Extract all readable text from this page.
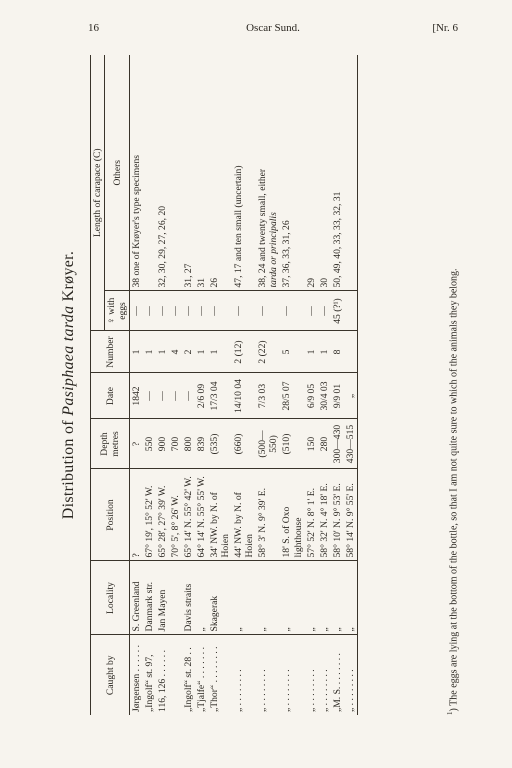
16	Oscar Sund.	[Nr. 6
Distribution of Pasiphaea tarda Krøyer.
Caught by	Locality	Position	Depth metres	Date	Number	Length of carapace (C)	
						♀ with eggs	Others
Jørgensen . . . . . .	S. Greenland	?	?	1842	1	—	38 one of Krøyer's type specimens
„Ingolf“ st. 97,	Danmark str.	67° 19', 15° 52' W.	550	—	1	—	
116, 126 . . . . . .	Jan Mayen	65° 28', 27° 39' W.	900	—	1	—	32, 30, 29, 27, 26, 20
		70° 5', 8° 26' W.	700	—	4	—	
„Ingolf“ st. 28 . .	Davis straits	65° 14' N. 55° 42' W.	800	—	2	—	31, 27
„Tjalfe“ . . . . . . .	„	64° 14' N. 55° 55' W.	839	2/6 09	1	—	31
„Thor“ . . . . . . . .	Skagerak	34' NW. by N. of Hoien	(535)	17/3 04	1	—	26
„ . . . . . . . .	„	44' NW. by N. of Hoien	(660)	14/10 04	2 (12)	—	47, 17 and ten small (uncertain)
„ . . . . . . . .	„	58° 3' N. 9° 39' E.	(500—550)	7/3 03	2 (22)	—	38, 24 and twenty small, either
tarda or principalis
„ . . . . . . . .	„	18' S. of Oxo lighthouse	(510)	28/5 07	5	—	37, 36, 33, 31, 26
„ . . . . . . . .	„	57° 52' N. 8° 1' E.	150	6/9 05	1	—	29
„ . . . . . . . .	„	58° 32' N. 4° 18' E.	280	30/4 03	1	—	30
„M. S. . . . . . . .	„	58° 10' N. 9° 53' E.	300—430	9/9 01	8	45 (?¹)	50, 49, 40, 33, 33, 32, 31
„ . . . . . . . .	„	58° 14' N. 9° 55' E.	430—515	„			
$^1$) The eggs are lying at the bottom of the bottle, so that I am not quite sure to which of the animals they belong.
